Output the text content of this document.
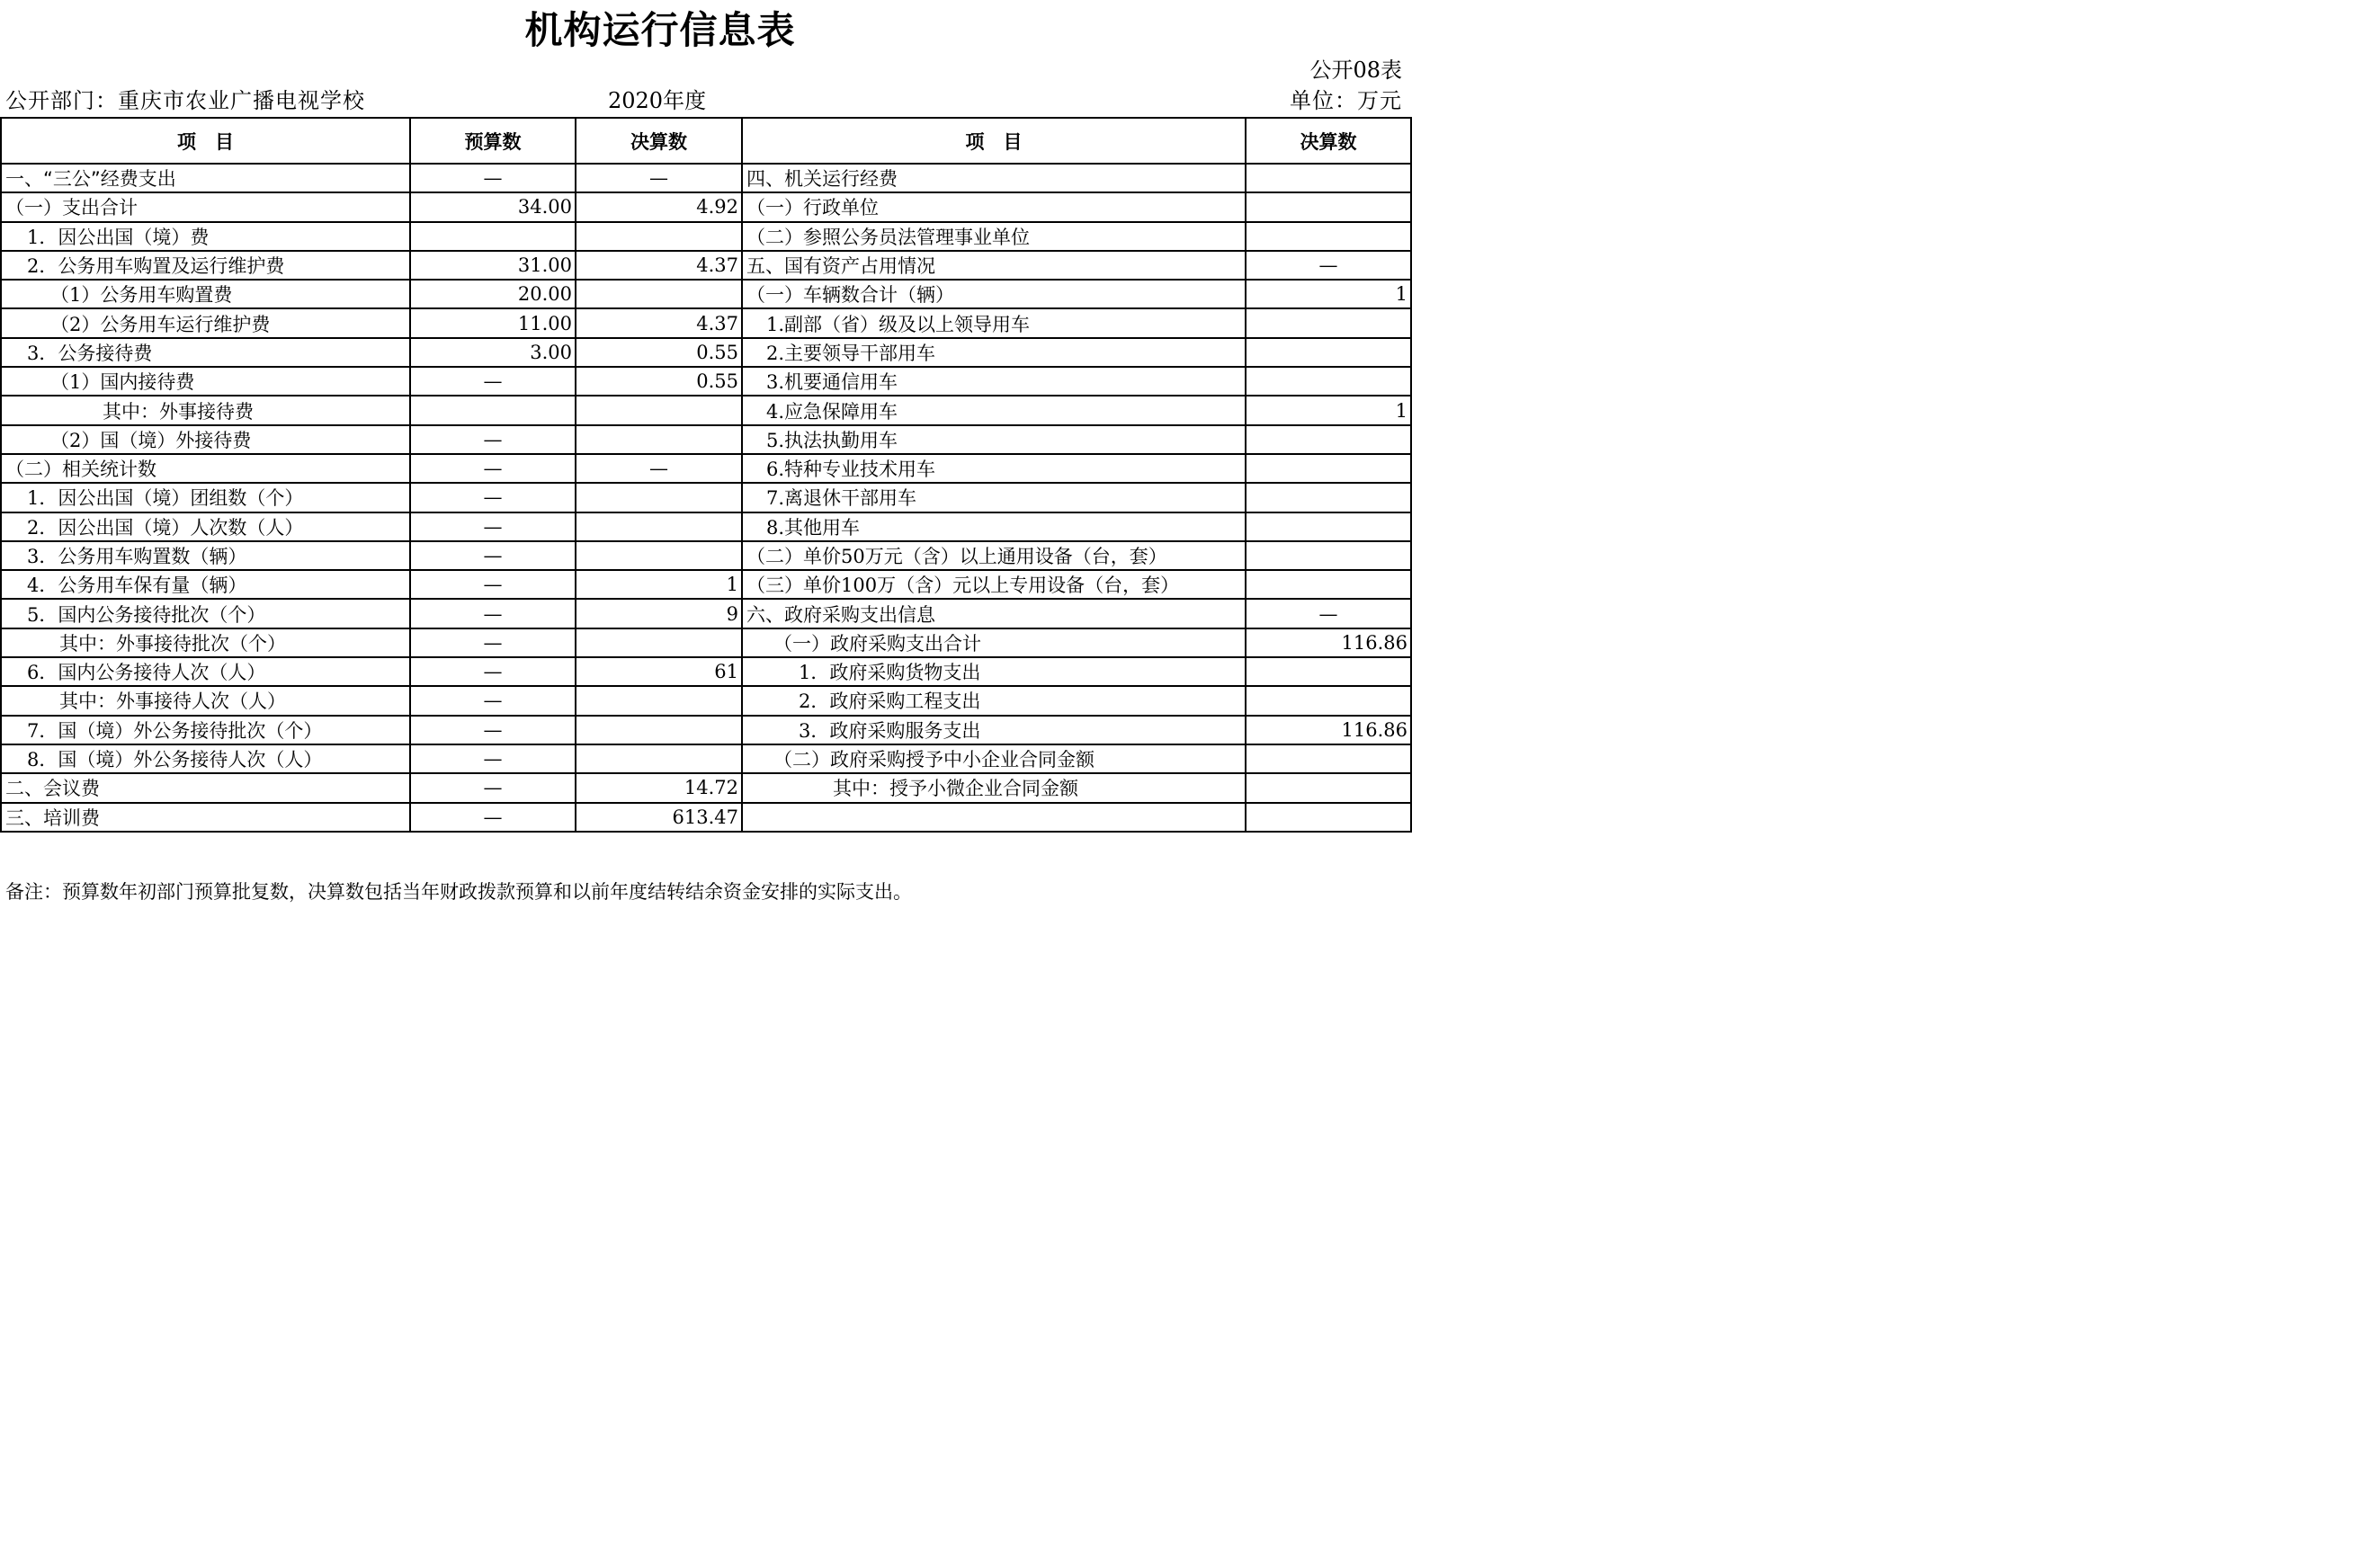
机构运行信息表
公开08表
公开部门：重庆市农业广播电视学校	2020年度	单位：万元
项　目	预算数	决算数	项　目	决算数
一、“三公”经费支出	—	—	四、机关运行经费	
（一）支出合计	34.00	4.92	（一）行政单位	
1．因公出国（境）费			（二）参照公务员法管理事业单位	
2．公务用车购置及运行维护费	31.00	4.37	五、国有资产占用情况	—
（1）公务用车购置费	20.00		（一）车辆数合计（辆）	1
（2）公务用车运行维护费	11.00	4.37	1.副部（省）级及以上领导用车	
3．公务接待费	3.00	0.55	2.主要领导干部用车	
（1）国内接待费	—	0.55	3.机要通信用车	
其中：外事接待费			4.应急保障用车	1
（2）国（境）外接待费	—		5.执法执勤用车	
（二）相关统计数	—	—	6.特种专业技术用车	
1．因公出国（境）团组数（个）	—		7.离退休干部用车	
2．因公出国（境）人次数（人）	—		8.其他用车	
3．公务用车购置数（辆）	—		（二）单价50万元（含）以上通用设备（台，套）	
4．公务用车保有量（辆）	—	1	（三）单价100万（含）元以上专用设备（台，套）	
5．国内公务接待批次（个）	—	9	六、政府采购支出信息	—
其中：外事接待批次（个）	—		（一）政府采购支出合计	116.86
6．国内公务接待人次（人）	—	61	1．政府采购货物支出	
其中：外事接待人次（人）	—		2．政府采购工程支出	
7．国（境）外公务接待批次（个）	—		3．政府采购服务支出	116.86
8．国（境）外公务接待人次（人）	—		（二）政府采购授予中小企业合同金额	
二、会议费	—	14.72	其中：授予小微企业合同金额	
三、培训费	—	613.47		
备注：预算数年初部门预算批复数，决算数包括当年财政拨款预算和以前年度结转结余资金安排的实际支出。
